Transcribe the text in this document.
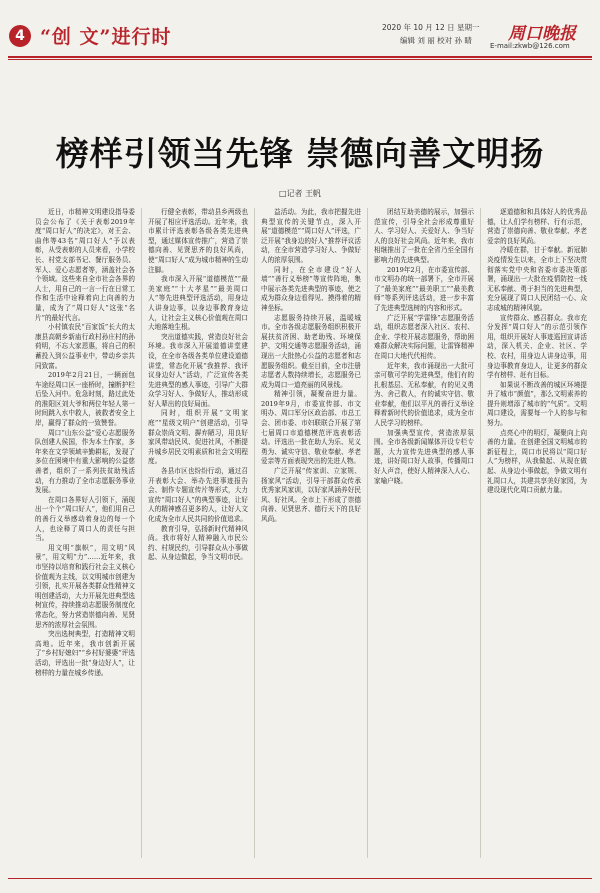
4 “创 文”进行时	2020 年 10 月 12 日 星期一
编辑 刘 丽 校对 孙 睛 周口晚报
E-mail:zkwb@126.com
榜样引领当先锋 崇德向善文明扬
□记者 王帆

近日，市精神文明建设指导委员会公布了《关于表彰2019年度“周口好人”的决定》，对王会、曲伟等43名“周口好人”予以表彰，从受表彰的人员来看，小学校长、村党支部书记、餐厅服务员、军人、爱心志愿者等，涵盖社会各个领域。这些来自全市社会各界的人士，用自己的一言一行在日常工作和生活中诠释着向上向善的力量，成为了“周口好人”这张“名片”的最好代言。

小村镇农民“百家饭”长大的太康县高朝乡新庙行政村孙庄村的孙荷明，不忘大家恩惠，将自己的积蓄投入到公益事业中，带动乡亲共同致富。

2019年2月21日，一辆面包车途经周口区一座桥时，撞断护栏后坠入河中。危急时刻，路过此处的淮阳区刘大爷和两位年轻人第一时间跳入水中救人，被救者安全上岸，赢得了群众的一致赞誉。

周口“山东公益”爱心志愿服务队创建人侯国，作为本土作家，多年来在文学领域辛勤耕耘，发现了多位在困境中有重大影响的公益慈善者，组织了一系列扶贫助残活动，有力推动了全市志愿服务事业发展。

在周口各界好人引领下，涌现出一个个“周口好人”，他们用自己的善行义举感动着身边的每一个人，也诠释了周口人的责任与担当。

用文明“旗帜”，用文明“风景”，用文明“力”……近年来，我市坚持以培育和践行社会主义核心价值观为主线，以文明城市创建为引领，扎实开展各类群众性精神文明创建活动，大力开展先进典型选树宣传，持续推动志愿服务制度化常态化，努力营造崇德向善、见贤思齐的浓厚社会氛围。

突出选树典型，打造精神文明高地。近年来，我市创新开展了“乡村好媳妇”“乡村好婆婆”评选活动，评选出一批“身边好人”，让榜样的力量在城乡传递。

行健全表彰，带动县乡两级也开展了相应评选活动。近年来，我市累计评选表彰各级各类先进典型，通过媒体宣传推广，营造了崇德向善、见贤思齐的良好风尚，使“周口好人”成为城市精神的生动注脚。

我市深入开展“道德模范”“最美家庭”“十大孝星”“最美周口人”等先进典型评选活动，用身边人讲身边事，以身边事教育身边人，让社会主义核心价值观在周口大地落地生根。

突出道德实践，营造良好社会环境。我市深入开展道德讲堂建设，在全市各级各类单位建设道德讲堂，常态化开展“我推荐、我评议身边好人”活动，广泛宣传各类先进典型的感人事迹，引导广大群众学习好人、争做好人，推动形成好人辈出的良好局面。

同时，组织开展“文明家庭”“星级文明户”创建活动，引导群众崇尚文明、摒弃陋习，用良好家风带动民风、促进社风，不断提升城乡居民文明素质和社会文明程度。

各县市区也纷纷行动，通过召开表彰大会、举办先进事迹报告会、制作专题宣传片等形式，大力宣传“周口好人”的典型事迹，让好人的精神感召更多的人，让好人文化成为全市人民共同的价值追求。

教育引导，弘扬新时代精神风尚。我市将好人精神融入市民公约、村规民约，引导群众从小事做起、从身边做起，争当文明市民。

益活动。为此，我市把握先进典型宣传的关键节点，深入开展“道德模范”“周口好人”评选，广泛开展“我身边的好人”推荐评议活动，在全市营造学习好人、争做好人的浓厚氛围。

同时，在全市建设“好人墙”“善行义举榜”等宣传阵地，集中展示各类先进典型的事迹，使之成为群众身边看得见、摸得着的精神坐标。

志愿服务持续开展，温暖城市。全市各级志愿服务组织积极开展扶贫济困、助老助残、环境保护、文明交通等志愿服务活动，涌现出一大批热心公益的志愿者和志愿服务组织。截至目前，全市注册志愿者人数持续增长，志愿服务已成为周口一道亮丽的风景线。

精神引领，凝聚奋进力量。2019年9月，市委宣传部、市文明办、周口军分区政治部、市总工会、团市委、市妇联联合开展了第七届周口市道德模范评选表彰活动。评选出一批在助人为乐、见义勇为、诚实守信、敬业奉献、孝老爱亲等方面表现突出的先进人物。

广泛开展“传家训、立家规、扬家风”活动，引导干部群众传承优秀家风家训，以好家风涵养好民风、好社风。全市上下形成了崇德向善、见贤思齐、德行天下的良好风尚。

团结互助美德的展示，加强示范宣传，引导全社会形成尊重好人、学习好人、关爱好人、争当好人的良好社会风尚。近年来，我市相继推出了一批在全省乃至全国有影响力的先进典型。

2019年2月，在市委宣传部、市文明办的统一部署下，全市开展了“最美家庭”“最美职工”“最美教师”等系列评选活动，进一步丰富了先进典型选树的内容和形式。

广泛开展“学雷锋”志愿服务活动，组织志愿者深入社区、农村、企业、学校开展志愿服务，帮助困难群众解决实际问题，让雷锋精神在周口大地代代相传。

近年来，我市涌现出一大批可亲可敬可学的先进典型，他们有的扎根基层、无私奉献，有的见义勇为、舍己救人，有的诚实守信、敬业奉献，他们以平凡的善行义举诠释着新时代的价值追求，成为全市人民学习的榜样。

加强典型宣传，营造浓厚氛围。全市各级新闻媒体开设专栏专题，大力宣传先进典型的感人事迹，讲好周口好人故事，传播周口好人声音，使好人精神深入人心、家喻户晓。

逐道德和和具体好人的优秀品德，让人们学有榜样、行有示范，营造了崇德向善、敬业奉献、孝老爱亲的良好风尚。

冷暖在群，甘于奉献。新冠肺炎疫情发生以来，全市上下坚决贯彻落实党中央和省委市委决策部署，涌现出一大批在疫情防控一线无私奉献、勇于担当的先进典型，充分展现了周口人民团结一心、众志成城的精神风貌。

宣传群众、感召群众。我市充分发挥“周口好人”的示范引领作用，组织开展好人事迹巡回宣讲活动，深入机关、企业、社区、学校、农村，用身边人讲身边事，用身边事教育身边人，让更多的群众学有榜样、赶有目标。

如果说不断改善的城区环境提升了城市“颜值”，那么文明素养的提升则增添了城市的“气质”。文明周口建设，需要每一个人的参与和努力。

点亮心中的明灯，凝聚向上向善的力量。在创建全国文明城市的新征程上，周口市民将以“周口好人”为榜样，从我做起、从现在做起、从身边小事做起，争做文明有礼周口人，共建共享美好家园，为建设现代化周口贡献力量。
